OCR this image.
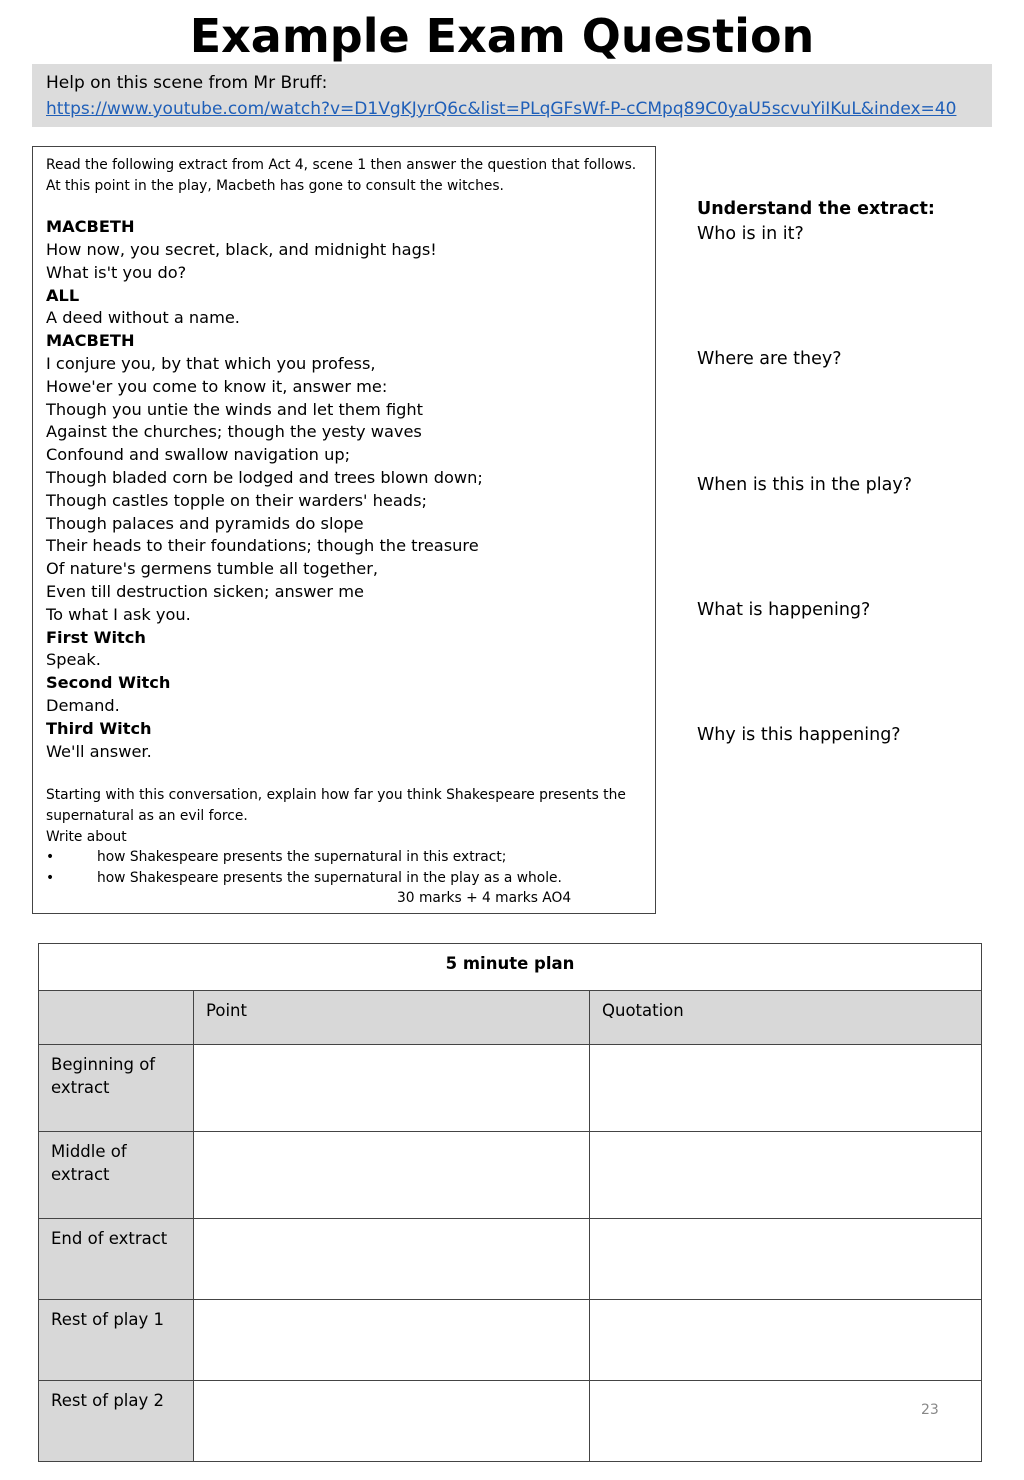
Example Exam Question
Help on this scene from Mr Bruff:
https://www.youtube.com/watch?v=D1VgKJyrQ6c&list=PLqGFsWf-P-cCMpq89C0yaU5scvuYiIKuL&index=40
Read the following extract from Act 4, scene 1 then answer the question that follows.
At this point in the play, Macbeth has gone to consult the witches.
MACBETH
How now, you secret, black, and midnight hags!
What is't you do?
ALL
A deed without a name.
MACBETH
I conjure you, by that which you profess,
Howe'er you come to know it, answer me:
Though you untie the winds and let them fight
Against the churches; though the yesty waves
Confound and swallow navigation up;
Though bladed corn be lodged and trees blown down;
Though castles topple on their warders' heads;
Though palaces and pyramids do slope
Their heads to their foundations; though the treasure
Of nature's germens tumble all together,
Even till destruction sicken; answer me
To what I ask you.
First Witch
Speak.
Second Witch
Demand.
Third Witch
We'll answer.
Starting with this conversation, explain how far you think Shakespeare presents the
supernatural as an evil force.
Write about
•	how Shakespeare presents the supernatural in this extract;
•	how Shakespeare presents the supernatural in the play as a whole.
30 marks + 4 marks AO4
Understand the extract:
Who is in it?
Where are they?
When is this in the play?
What is happening?
Why is this happening?
5 minute plan		
	Point	Quotation
Beginning of extract		
Middle of extract		
End of extract		
Rest of play 1		
Rest of play 2			23
